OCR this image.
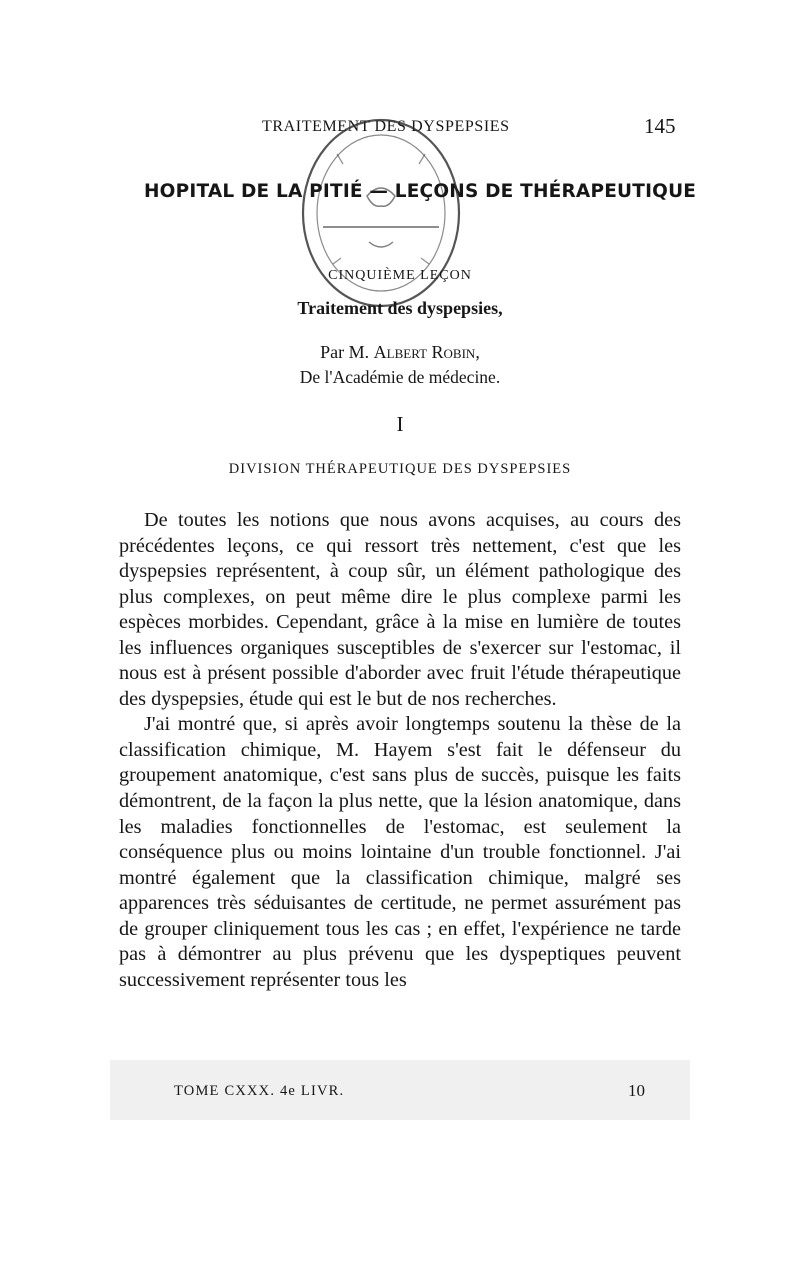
TRAITEMENT DES DYSPEPSIES	145
HOPITAL DE LA PITIÉ — LEÇONS DE THÉRAPEUTIQUE
CINQUIÈME LEÇON
Traitement des dyspepsies,
Par M. Albert Robin,
De l'Académie de médecine.
I
DIVISION THÉRAPEUTIQUE DES DYSPEPSIES

De toutes les notions que nous avons acquises, au cours des précédentes leçons, ce qui ressort très nettement, c'est que les dyspepsies représentent, à coup sûr, un élément pathologique des plus complexes, on peut même dire le plus complexe parmi les espèces morbides. Cependant, grâce à la mise en lumière de toutes les influences organiques susceptibles de s'exercer sur l'estomac, il nous est à présent possible d'aborder avec fruit l'étude thérapeutique des dyspepsies, étude qui est le but de nos recherches.

J'ai montré que, si après avoir longtemps soutenu la thèse de la classification chimique, M. Hayem s'est fait le défenseur du groupement anatomique, c'est sans plus de succès, puisque les faits démontrent, de la façon la plus nette, que la lésion anatomique, dans les maladies fonctionnelles de l'estomac, est seulement la conséquence plus ou moins lointaine d'un trouble fonctionnel. J'ai montré également que la classification chimique, malgré ses apparences très séduisantes de certitude, ne permet assurément pas de grouper cliniquement tous les cas ; en effet, l'expérience ne tarde pas à démontrer au plus prévenu que les dyspeptiques peuvent successivement représenter tous les

TOME CXXX. 4e LIVR.	10
